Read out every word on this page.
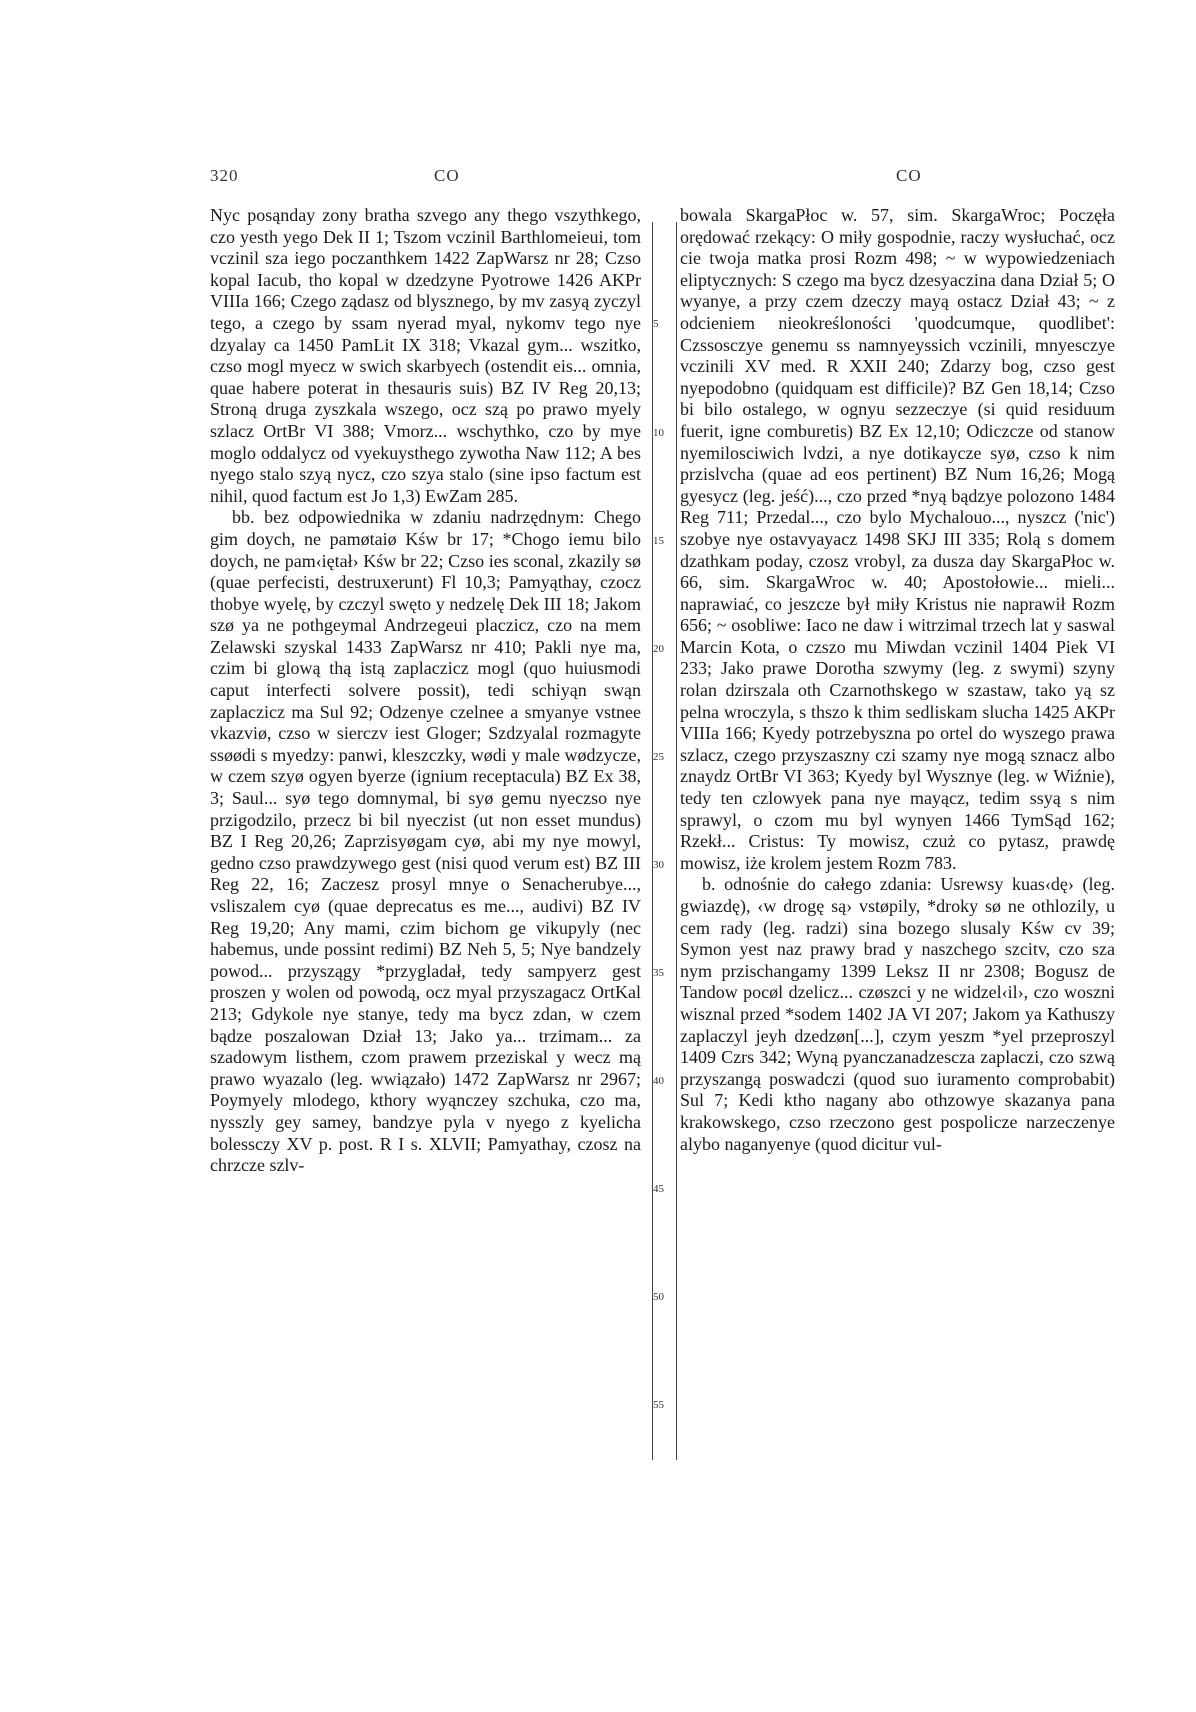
320	CO	CO

Nyc posąnday zony bratha szvego any thego vszythkego, czo yesth yego Dek II 1; Tszom vczinil Barthlomeieui, tom vczinil sza iego poczanthkem 1422 ZapWarsz nr 28; Czso kopal Iacub, tho kopal w dzedzyne Pyotrowe 1426 AKPr VIIIa 166; Czego ządasz od blysznego, by mv zasyą zyczyl tego, a czego by ssam nyerad myal, nykomv tego nye dzyalay ca 1450 PamLit IX 318; Vkazal gym... wszitko, czso mogl myecz w swich skarbyech (ostendit eis... omnia, quae habere poterat in thesauris suis) BZ IV Reg 20,13; Stroną druga zyszkala wszego, ocz szą po prawo myely szlacz OrtBr VI 388; Vmorz... wschythko, czo by mye moglo oddalycz od vyekuysthego zywotha Naw 112; A bes nyego stalo szyą nycz, czo szya stalo (sine ipso factum est nihil, quod factum est Jo 1,3) EwZam 285.

bb. bez odpowiednika w zdaniu nadrzędnym: Chego gim doych, ne pamøtaiø Kśw br 17; *Chogo iemu bilo doych, ne pam‹iętał› Kśw br 22; Czso ies sconal, zkazily sø (quae perfecisti, destruxerunt) Fl 10,3; Pamyąthay, czocz thobye wyelę, by czczyl swęto y nedzelę Dek III 18; Jakom szø ya ne pothgeymal Andrzegeui placzicz, czo na mem Zelawski szyskal 1433 ZapWarsz nr 410; Pakli nye ma, czim bi glową thą istą zaplaczicz mogl (quo huiusmodi caput interfecti solvere possit), tedi schiyąn swąn zaplaczicz ma Sul 92; Odzenye czelnee a smyanye vstnee vkazviø, czso w sierczv iest Gloger; Szdzyalal rozmagyte ssøødi s myedzy: panwi, kleszczky, wødi y male wødzycze, w czem szyø ogyen byerze (ignium receptacula) BZ Ex 38, 3; Saul... syø tego domnymal, bi syø gemu nyeczso nye przigodzilo, przecz bi bil nyeczist (ut non esset mundus) BZ I Reg 20,26; Zaprzisyøgam cyø, abi my nye mowyl, gedno czso prawdzywego gest (nisi quod verum est) BZ III Reg 22, 16; Zaczesz prosyl mnye o Senacherubye..., vsliszalem cyø (quae deprecatus es me..., audivi) BZ IV Reg 19,20; Any mami, czim bichom ge vikupyly (nec habemus, unde possint redimi) BZ Neh 5, 5; Nye bandzely powod... przyszągy *przygladał, tedy sampyerz gest proszen y wolen od powodą, ocz myal przyszagacz OrtKal 213; Gdykole nye stanye, tedy ma bycz zdan, w czem bądze poszalowan Dział 13; Jako ya... trzimam... za szadowym listhem, czom prawem przeziskal y wecz mą prawo wyazalo (leg. wwiązało) 1472 ZapWarsz nr 2967; Poymyely mlodego, kthory wyąnczey szchuka, czo ma, nysszly gey samey, bandzye pyla v nyego z kyelicha bolessczy XV p. post. R I s. XLVII; Pamyathay, czosz na chrzcze szlv-

5
10
15
20
25
30
35
40
45
50
55

bowala SkargaPłoc w. 57, sim. SkargaWroc; Poczęła orędować rzekący: O miły gospodnie, raczy wysłuchać, ocz cie twoja matka prosi Rozm 498; ~ w wypowiedzeniach eliptycznych: S czego ma bycz dzesyaczina dana Dział 5; O wyanye, a przy czem dzeczy mayą ostacz Dział 43; ~ z odcieniem nieokreśloności 'quodcumque, quodlibet': Czssosczye genemu ss namnyeyssich vczinili, mnyesczye vczinili XV med. R XXII 240; Zdarzy bog, czso gest nyepodobno (quidquam est difficile)? BZ Gen 18,14; Czso bi bilo ostalego, w ognyu sezzeczye (si quid residuum fuerit, igne comburetis) BZ Ex 12,10; Odiczcze od stanow nyemilosciwich lvdzi, a nye dotikaycze syø, czso k nim przislvcha (quae ad eos pertinent) BZ Num 16,26; Mogą gyesycz (leg. jeść)..., czo przed *nyą bądzye polozono 1484 Reg 711; Przedal..., czo bylo Mychalouo..., nyszcz ('nic') szobye nye ostavyayacz 1498 SKJ III 335; Rolą s domem dzathkam poday, czosz vrobyl, za dusza day SkargaPłoc w. 66, sim. SkargaWroc w. 40; Apostołowie... mieli... naprawiać, co jeszcze był miły Kristus nie naprawił Rozm 656; ~ osobliwe: Iaco ne daw i witrzimal trzech lat y saswal Marcin Kota, o czszo mu Miwdan vczinil 1404 Piek VI 233; Jako prawe Dorotha szwymy (leg. z swymi) szyny rolan dzirszala oth Czarnothskego w szastaw, tako yą sz pelna wroczyla, s thszo k thim sedliskam slucha 1425 AKPr VIIIa 166; Kyedy potrzebyszna po ortel do wyszego prawa szlacz, czego przyszaszny czi szamy nye mogą sznacz albo znaydz OrtBr VI 363; Kyedy byl Wysznye (leg. w Wiźnie), tedy ten czlowyek pana nye mayącz, tedim ssyą s nim sprawyl, o czom mu byl wynyen 1466 TymSąd 162; Rzekł... Cristus: Ty mowisz, czuż co pytasz, prawdę mowisz, iże krolem jestem Rozm 783.

b. odnośnie do całego zdania: Usrewsy kuas‹dę› (leg. gwiazdę), ‹w drogę są› vstøpily, *droky sø ne othlozily, u cem rady (leg. radzi) sina bozego slusaly Kśw cv 39; Symon yest naz prawy brad y naszchego szcitv, czo sza nym przischangamy 1399 Leksz II nr 2308; Bogusz de Tandow pocøl dzelicz... czøszci y ne widzel‹il›, czo woszni wisznal przed *sodem 1402 JA VI 207; Jakom ya Kathuszy zaplaczyl jeyh dzedzøn[...], czym yeszm *yel przeproszyl 1409 Czrs 342; Wyną pyanczanadzescza zaplaczi, czo szwą przyszangą poswadczi (quod suo iuramento comprobabit) Sul 7; Kedi ktho nagany abo othzowye skazanya pana krakowskego, czso rzeczono gest pospolicze narzeczenye alybo naganyenye (quod dicitur vul-
